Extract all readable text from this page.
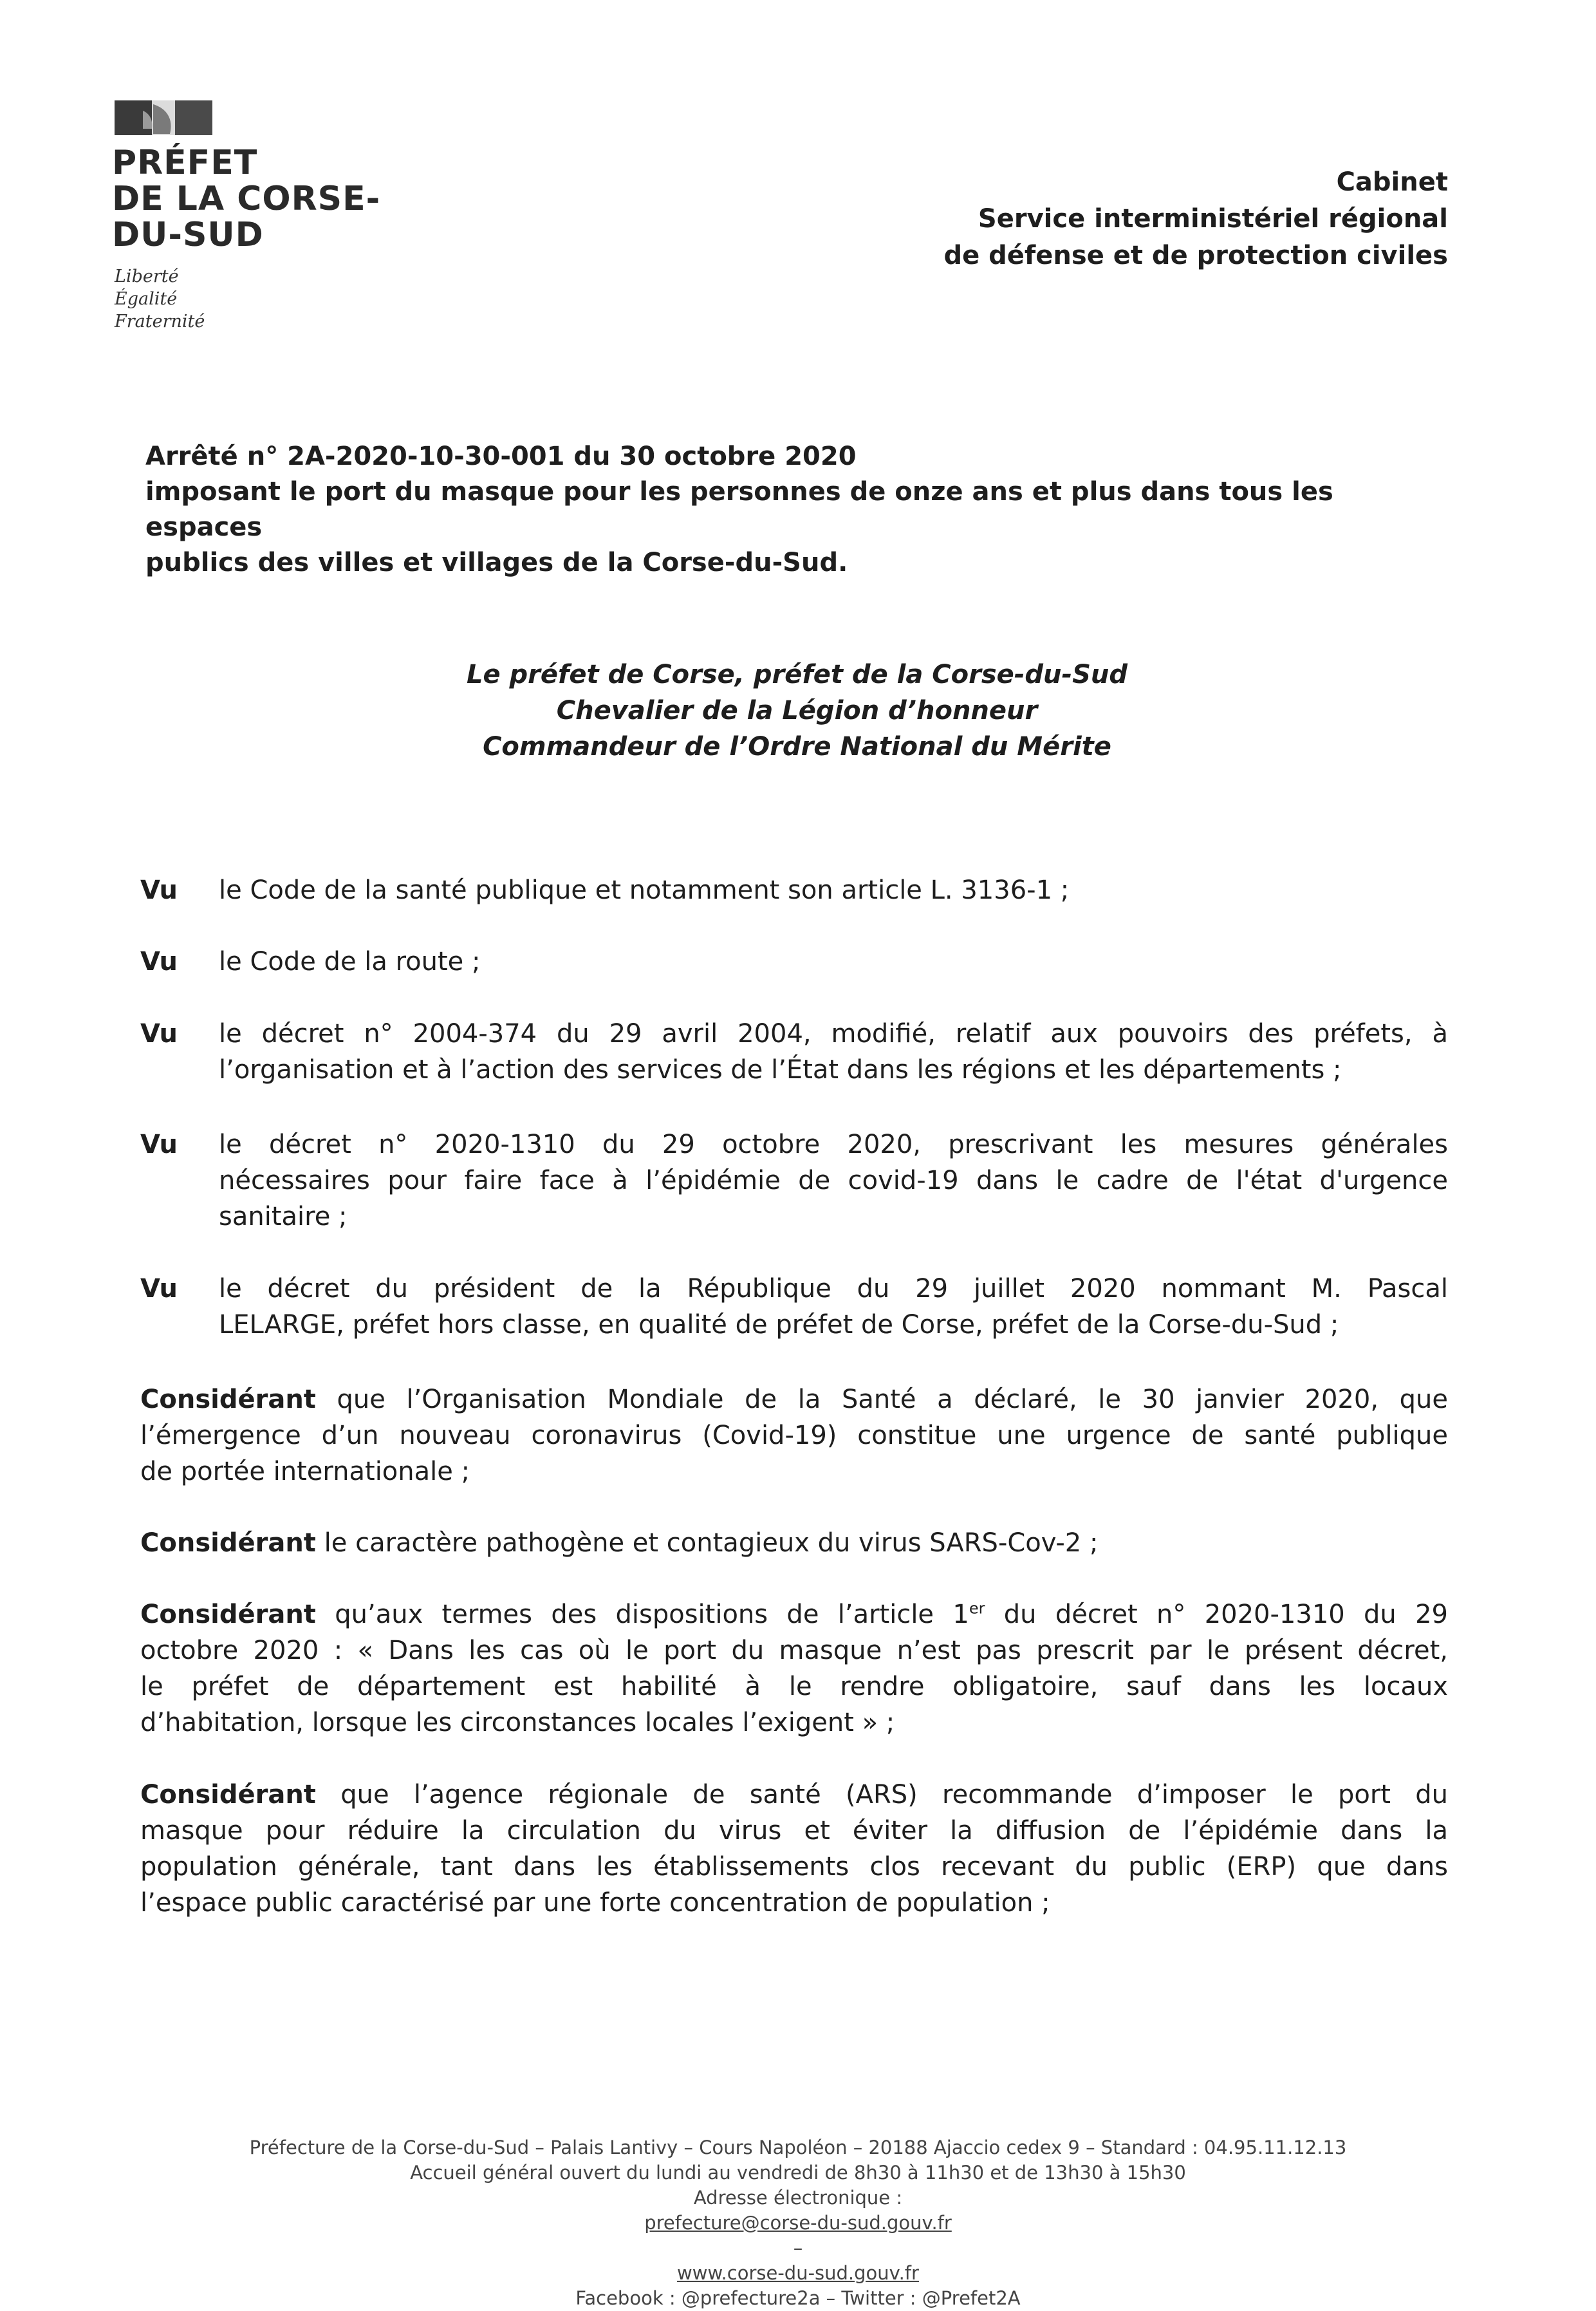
PRÉFET
DE LA CORSE-
DU-SUD
Liberté
Égalité
Fraternité
Cabinet
Service interministériel régional
de défense et de protection civiles
Arrêté n° 2A-2020-10-30-001 du 30 octobre 2020
imposant le port du masque pour les personnes de onze ans et plus dans tous les espaces
publics des villes et villages de la Corse-du-Sud.
Le préfet de Corse, préfet de la Corse-du-Sud
Chevalier de la Légion d’honneur
Commandeur de l’Ordre National du Mérite
Vu le Code de la santé publique et notamment son article L. 3136-1 ;
Vu le Code de la route ;
Vu le décret n° 2004-374 du 29 avril 2004, modifié, relatif aux pouvoirs des préfets, à
l’organisation et à l’action des services de l’État dans les régions et les départements ;
Vu le décret n° 2020-1310 du 29 octobre 2020, prescrivant les mesures générales
nécessaires pour faire face à l’épidémie de covid-19 dans le cadre de l'état d'urgence
sanitaire ;
Vu le décret du président de la République du 29 juillet 2020 nommant M. Pascal
LELARGE, préfet hors classe, en qualité de préfet de Corse, préfet de la Corse-du-Sud ;
Considérant que l’Organisation Mondiale de la Santé a déclaré, le 30 janvier 2020, que
l’émergence d’un nouveau coronavirus (Covid-19) constitue une urgence de santé publique
de portée internationale ;
Considérant le caractère pathogène et contagieux du virus SARS-Cov-2 ;
Considérant qu’aux termes des dispositions de l’article 1er du décret n° 2020-1310 du 29
octobre 2020 : « Dans les cas où le port du masque n’est pas prescrit par le présent décret,
le préfet de département est habilité à le rendre obligatoire, sauf dans les locaux
d’habitation, lorsque les circonstances locales l’exigent » ;
Considérant que l’agence régionale de santé (ARS) recommande d’imposer le port du
masque pour réduire la circulation du virus et éviter la diffusion de l’épidémie dans la
population générale, tant dans les établissements clos recevant du public (ERP) que dans
l’espace public caractérisé par une forte concentration de population ;
Préfecture de la Corse-du-Sud – Palais Lantivy – Cours Napoléon – 20188 Ajaccio cedex 9 – Standard : 04.95.11.12.13
Accueil général ouvert du lundi au vendredi de 8h30 à 11h30 et de 13h30 à 15h30
Adresse électronique :
prefecture@corse-du-sud.gouv.fr
–
www.corse-du-sud.gouv.fr
Facebook : @prefecture2a – Twitter : @Prefet2A
